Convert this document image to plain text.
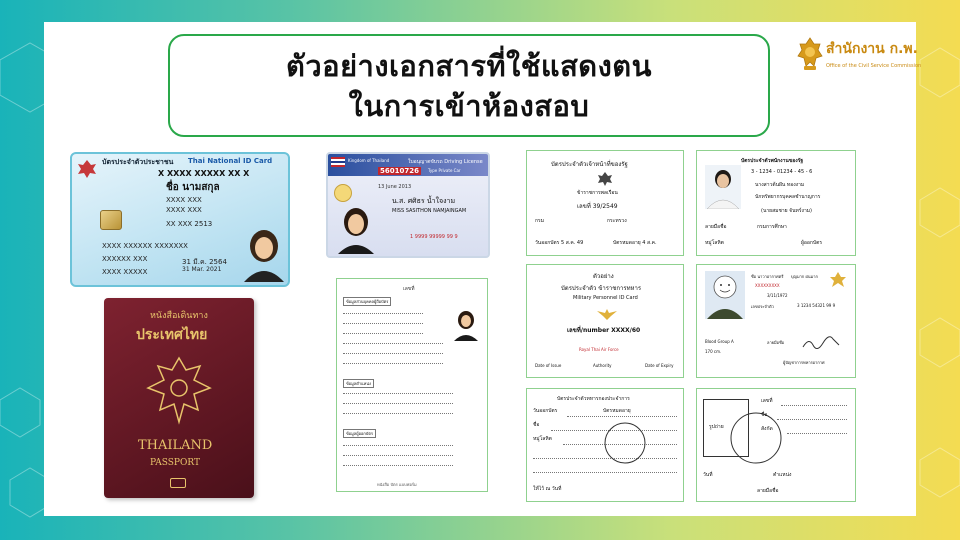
ตัวอย่างเอกสารที่ใช้แสดงตน
ในการเข้าห้องสอบ
สำนักงาน ก.พ.
Office of the Civil Service Commission
บัตรประจำตัวประชาชน Thai National ID Card
X XXXX XXXXX XX X
ชื่อ นามสกุล
XXXX XXX
XXXX XXX
XX XXX 2513
XXXX XXXXXX XXXXXXX
XXXXXX XXX
XXXX XXXXX
31 มี.ค. 2564
31 Mar. 2021
Kingdom of Thailand	ใบอนุญาตขับรถ Driving License
56010726	Type Private Car
13 June 2013
น.ส. ศศิธร นํ้าใจงาม
MISS SASITHON NAMJAINGAM
1 9999 99999 99 9
หนังสือเดินทาง
ประเทศไทย
THAILAND
PASSPORT
เลขที่
ข้อมูลส่วนบุคคลผู้ถือบัตร
ข้อมูลตำแหน่ง
ข้อมูลผู้ออกบัตร
หนังสือ บัตร แบบฟอร์ม
บัตรประจำตัวเจ้าหน้าที่ของรัฐ
ข้าราชการพลเรือน
เลขที่ 39/2549
กรม	กระทรวง
วันออกบัตร 5 ส.ค. 49	บัตรหมดอายุ 4 ส.ค.
บัตรประจำตัวพนักงานของรัฐ
3 - 1234 - 01234 - 45 - 6
นางสาวต้นฝัน ทองงาม
นักทรัพยากรบุคคลชำนาญการ
(นายสมชาย จันทร์งาม)
ลายมือชื่อ	กรมการศึกษา
หมู่โลหิต	ผู้ออกบัตร
ตัวอย่าง
บัตรประจำตัว ข้าราชการทหาร
Military Personnel ID Card
เลขที่/number XXXX/60
Royal Thai Air Force
Date of Issue	Authority	Date of Expiry
ชื่อ นาวาอากาศตรี บุญมาก ฝนมาก
XXXXXXXXX
3/11/1972
เลขประจำตัว	3 1234 54321 99 9
Blood Group A
170 cm.
ลายมือชื่อ
ผู้บัญชาการทหารอากาศ
บัตรประจำตัวทหารกองประจำการ
วันออกบัตร	บัตรหมดอายุ
ชื่อ
หมู่โลหิต
ให้ไว้ ณ วันที่
รูปถ่าย
เลขที่
ชื่อ
สังกัด
วันที่	ตำแหน่ง
ลายมือชื่อ
